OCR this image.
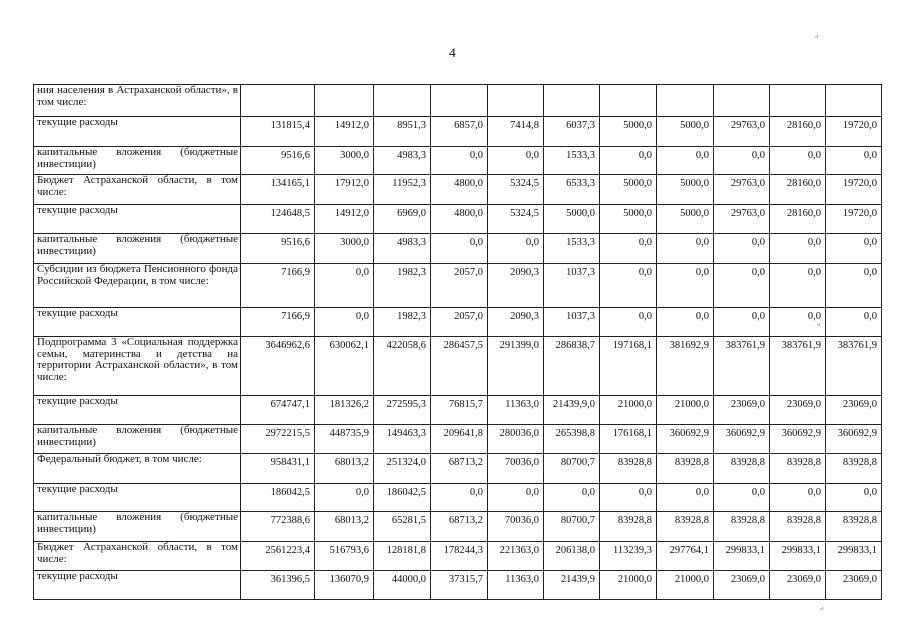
4
ᵉ¹
ᵉ¹
ᵉ¹
ния населения в Астраханской области», в том числе:											
текущие расходы	131815,4	14912,0	8951,3	6857,0	7414,8	6037,3	5000,0	5000,0	29763,0	28160,0	19720,0
капитальные вложения (бюджетные инвестиции)	9516,6	3000,0	4983,3	0,0	0,0	1533,3	0,0	0,0	0,0	0,0	0,0
Бюджет Астраханской области, в том числе:	134165,1	17912,0	11952,3	4800,0	5324,5	6533,3	5000,0	5000,0	29763,0	28160,0	19720,0
текущие расходы	124648,5	14912,0	6969,0	4800,0	5324,5	5000,0	5000,0	5000,0	29763,0	28160,0	19720,0
капитальные вложения (бюджетные инвестиции)	9516,6	3000,0	4983,3	0,0	0,0	1533,3	0,0	0,0	0,0	0,0	0,0
Субсидии из бюджета Пенсионного фонда Российской Федерации, в том числе:	7166,9	0,0	1982,3	2057,0	2090,3	1037,3	0,0	0,0	0,0	0,0	0,0
текущие расходы	7166,9	0,0	1982,3	2057,0	2090,3	1037,3	0,0	0,0	0,0	0,0	0,0
Подпрограмма 3 «Социальная поддержка семьи, материнства и детства на территории Астраханской области», в том числе:	3646962,6	630062,1	422058,6	286457,5	291399,0	286838,7	197168,1	381692,9	383761,9	383761,9	383761,9
текущие расходы	674747,1	181326,2	272595,3	76815,7	11363,0	21439,9,0	21000,0	21000,0	23069,0	23069,0	23069,0
капитальные вложения (бюджетные инвестиции)	2972215,5	448735,9	149463,3	209641,8	280036,0	265398,8	176168,1	360692,9	360692,9	360692,9	360692,9
Федеральный бюджет, в том числе:	958431,1	68013,2	251324,0	68713,2	70036,0	80700,7	83928,8	83928,8	83928,8	83928,8	83928,8
текущие расходы	186042,5	0,0	186042,5	0,0	0,0	0,0	0,0	0,0	0,0	0,0	0,0
капитальные вложения (бюджетные инвестиции)	772388,6	68013,2	65281,5	68713,2	70036,0	80700,7	83928,8	83928,8	83928,8	83928,8	83928,8
Бюджет Астраханской области, в том числе:	2561223,4	516793,6	128181,8	178244,3	221363,0	206138,0	113239,3	297764,1	299833,1	299833,1	299833,1
текущие расходы	361396,5	136070,9	44000,0	37315,7	11363,0	21439,9	21000,0	21000,0	23069,0	23069,0	23069,0
